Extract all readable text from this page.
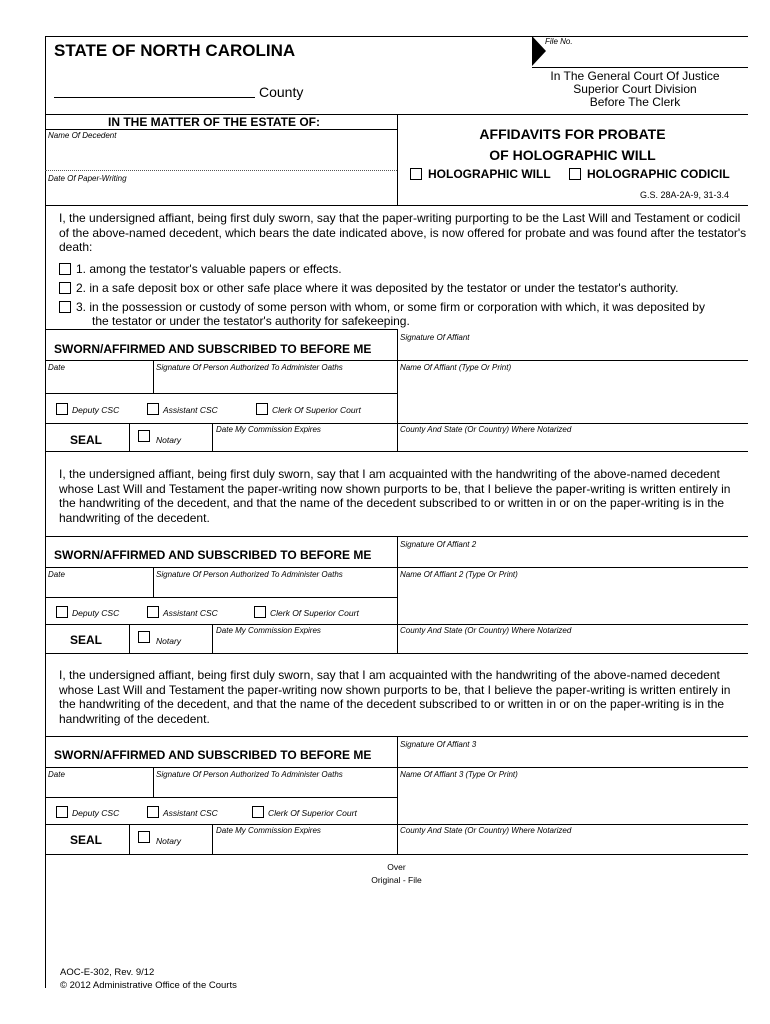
STATE OF NORTH CAROLINA	File No.
County
In The General Court Of Justice
Superior Court Division
Before The Clerk
IN THE MATTER OF THE ESTATE OF:
Name Of Decedent
Date Of Paper-Writing
AFFIDAVITS FOR PROBATE
OF HOLOGRAPHIC WILL
HOLOGRAPHIC WILL	HOLOGRAPHIC CODICIL
G.S. 28A-2A-9, 31-3.4
I, the undersigned affiant, being first duly sworn, say that the paper-writing purporting to be the Last Will and Testament or codicil of the above-named decedent, which bears the date indicated above, is now offered for probate and was found after the testator's death:
1. among the testator's valuable papers or effects.
2. in a safe deposit box or other safe place where it was deposited by the testator or under the testator's authority.
3. in the possession or custody of some person with whom, or some firm or corporation with which, it was deposited by
the testator or under the testator's authority for safekeeping.
SWORN/AFFIRMED AND SUBSCRIBED TO BEFORE ME
Signature Of Affiant
Date	Signature Of Person Authorized To Administer Oaths	Name Of Affiant (Type Or Print)
Deputy CSC	Assistant CSC	Clerk Of Superior Court
SEAL	Notary
Date My Commission Expires	County And State (Or Country) Where Notarized
I, the undersigned affiant, being first duly sworn, say that I am acquainted with the handwriting of the above-named decedent whose Last Will and Testament the paper-writing now shown purports to be, that I believe the paper-writing is written entirely in the handwriting of the decedent, and that the name of the decedent subscribed to or written in or on the paper-writing is in the handwriting of the decedent.
SWORN/AFFIRMED AND SUBSCRIBED TO BEFORE ME
Signature Of Affiant 2
Date	Signature Of Person Authorized To Administer Oaths	Name Of Affiant 2 (Type Or Print)
Deputy CSC	Assistant CSC	Clerk Of Superior Court
SEAL	Notary
Date My Commission Expires	County And State (Or Country) Where Notarized
I, the undersigned affiant, being first duly sworn, say that I am acquainted with the handwriting of the above-named decedent whose Last Will and Testament the paper-writing now shown purports to be, that I believe the paper-writing is written entirely in the handwriting of the decedent, and that the name of the decedent subscribed to or written in or on the paper-writing is in the handwriting of the decedent.
SWORN/AFFIRMED AND SUBSCRIBED TO BEFORE ME
Signature Of Affiant 3
Date	Signature Of Person Authorized To Administer Oaths	Name Of Affiant 3 (Type Or Print)
Deputy CSC	Assistant CSC	Clerk Of Superior Court
SEAL	Notary
Date My Commission Expires	County And State (Or Country) Where Notarized
Over
Original - File
AOC-E-302, Rev. 9/12
© 2012 Administrative Office of the Courts
